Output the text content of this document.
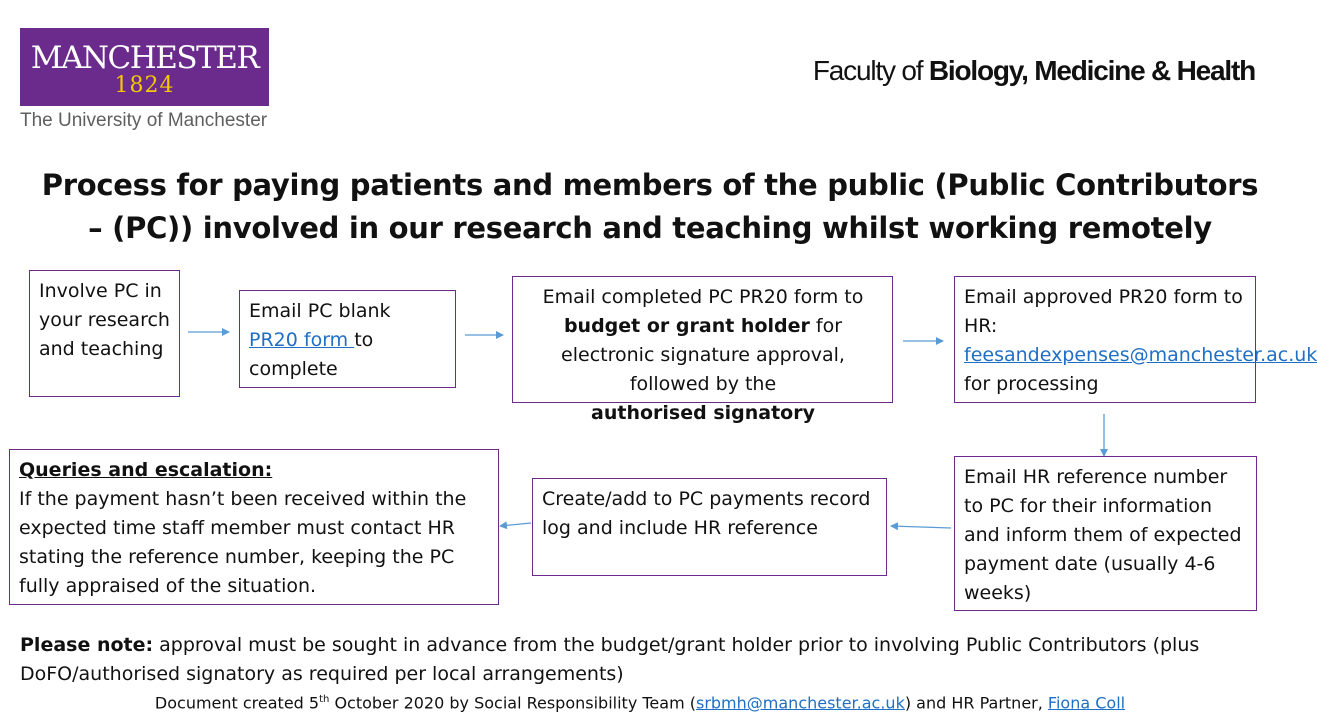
MANCHESTER
1824
The University of Manchester
Faculty of Biology, Medicine & Health
Process for paying patients and members of the public (Public Contributors – (PC)) involved in our research and teaching whilst working remotely
Involve PC in your research and teaching
Email PC blank
PR20 form to complete
Email completed PC PR20 form to
budget or grant holder for electronic signature approval, followed by the
authorised signatory
Email approved PR20 form to HR:
feesandexpenses@manchester.ac.uk for processing
Email HR reference number to PC for their information and inform them of expected payment date (usually 4-6 weeks)
Create/add to PC payments record log and include HR reference
Queries and escalation:
If the payment hasn’t been received within the expected time staff member must contact HR stating the reference number, keeping the PC fully appraised of the situation.
Please note: approval must be sought in advance from the budget/grant holder prior to involving Public Contributors (plus DoFO/authorised signatory as required per local arrangements)
Document created 5th October 2020 by Social Responsibility Team (srbmh@manchester.ac.uk) and HR Partner, Fiona Coll
